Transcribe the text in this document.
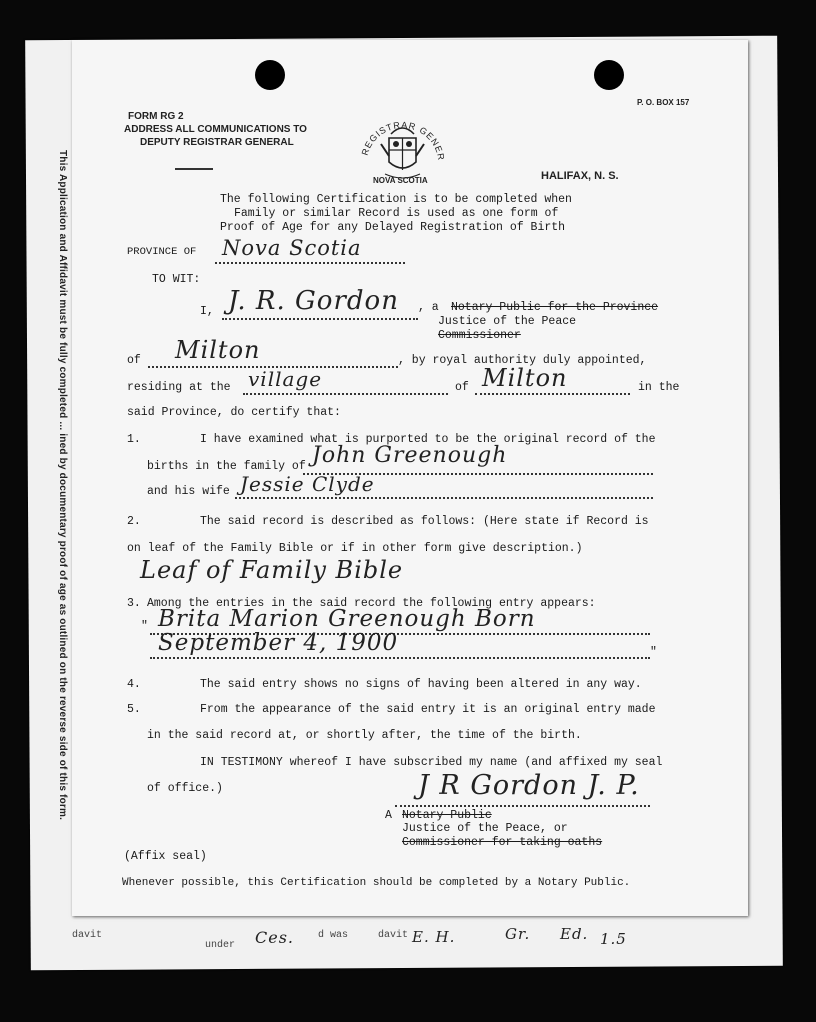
This Application and Affidavit must be fully completed ... ined by documentary proof of age as outlined on the reverse side of this form.
davit
under Ces. d was	davit E. H.	Gr. Ed. 1.5
FORM RG 2
ADDRESS ALL COMMUNICATIONS TO
DEPUTY REGISTRAR GENERAL
P. O. BOX 157
REGISTRAR GENER
NOVA SCOTIA	HALIFAX, N. S.
The following Certification is to be completed when
Family or similar Record is used as one form of
Proof of Age for any Delayed Registration of Birth
PROVINCE OF Nova Scotia
TO WIT:
I, J. R. Gordon , a Notary Public for the Province
Justice of the Peace
Commissioner
of Milton	, by royal authority duly appointed,
residing at the village	of Milton	in the
said Province, do certify that:
1.	I have examined what is purported to be the original record of the
births in the family of John Greenough
and his wife Jessie Clyde
2.	The said record is described as follows: (Here state if Record is
on leaf of the Family Bible or if in other form give description.)
Leaf of Family Bible
3. Among the entries in the said record the following entry appears:
" Brita Marion Greenough Born
September 4, 1900	"
4.	The said entry shows no signs of having been altered in any way.
5.	From the appearance of the said entry it is an original entry made
in the said record at, or shortly after, the time of the birth.
IN TESTIMONY whereof I have subscribed my name (and affixed my seal
of office.)	J R Gordon J. P.
A Notary Public
Justice of the Peace, or
Commissioner for taking oaths
(Affix seal)
Whenever possible, this Certification should be completed by a Notary Public.
